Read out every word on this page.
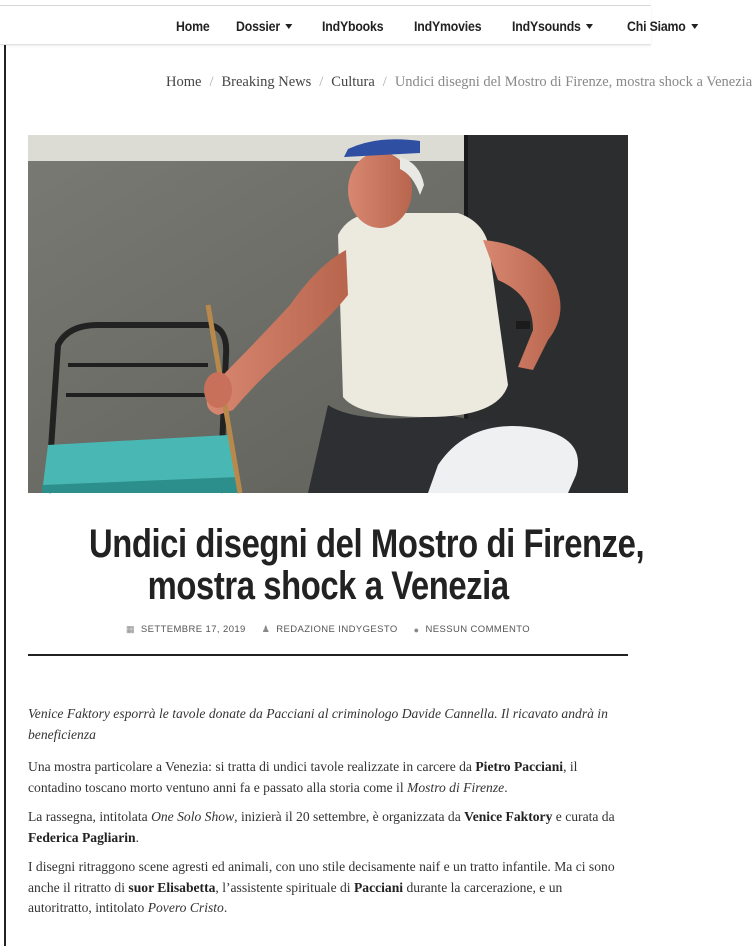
Home Dossier	IndYbooks IndYmovies IndYsounds	Chi Siamo
Home / Breaking News / Cultura / Undici disegni del Mostro di Firenze, mostra shock a Venezia
Undici disegni del Mostro di Firenze,
mostra shock a Venezia
▦ SETTEMBRE 17, 2019 ♟ REDAZIONE INDYGESTO ● NESSUN COMMENTO

Venice Faktory esporrà le tavole donate da Pacciani al criminologo Davide Cannella. Il ricavato andrà in beneficienza

Una mostra particolare a Venezia: si tratta di undici tavole realizzate in carcere da Pietro Pacciani, il contadino toscano morto ventuno anni fa e passato alla storia come il Mostro di Firenze.

La rassegna, intitolata One Solo Show, inizierà il 20 settembre, è organizzata da Venice Faktory e curata da Federica Pagliarin.

I disegni ritraggono scene agresti ed animali, con uno stile decisamente naif e un tratto infantile. Ma ci sono anche il ritratto di suor Elisabetta, l’assistente spirituale di Pacciani durante la carcerazione, e un autoritratto, intitolato Povero Cristo.
